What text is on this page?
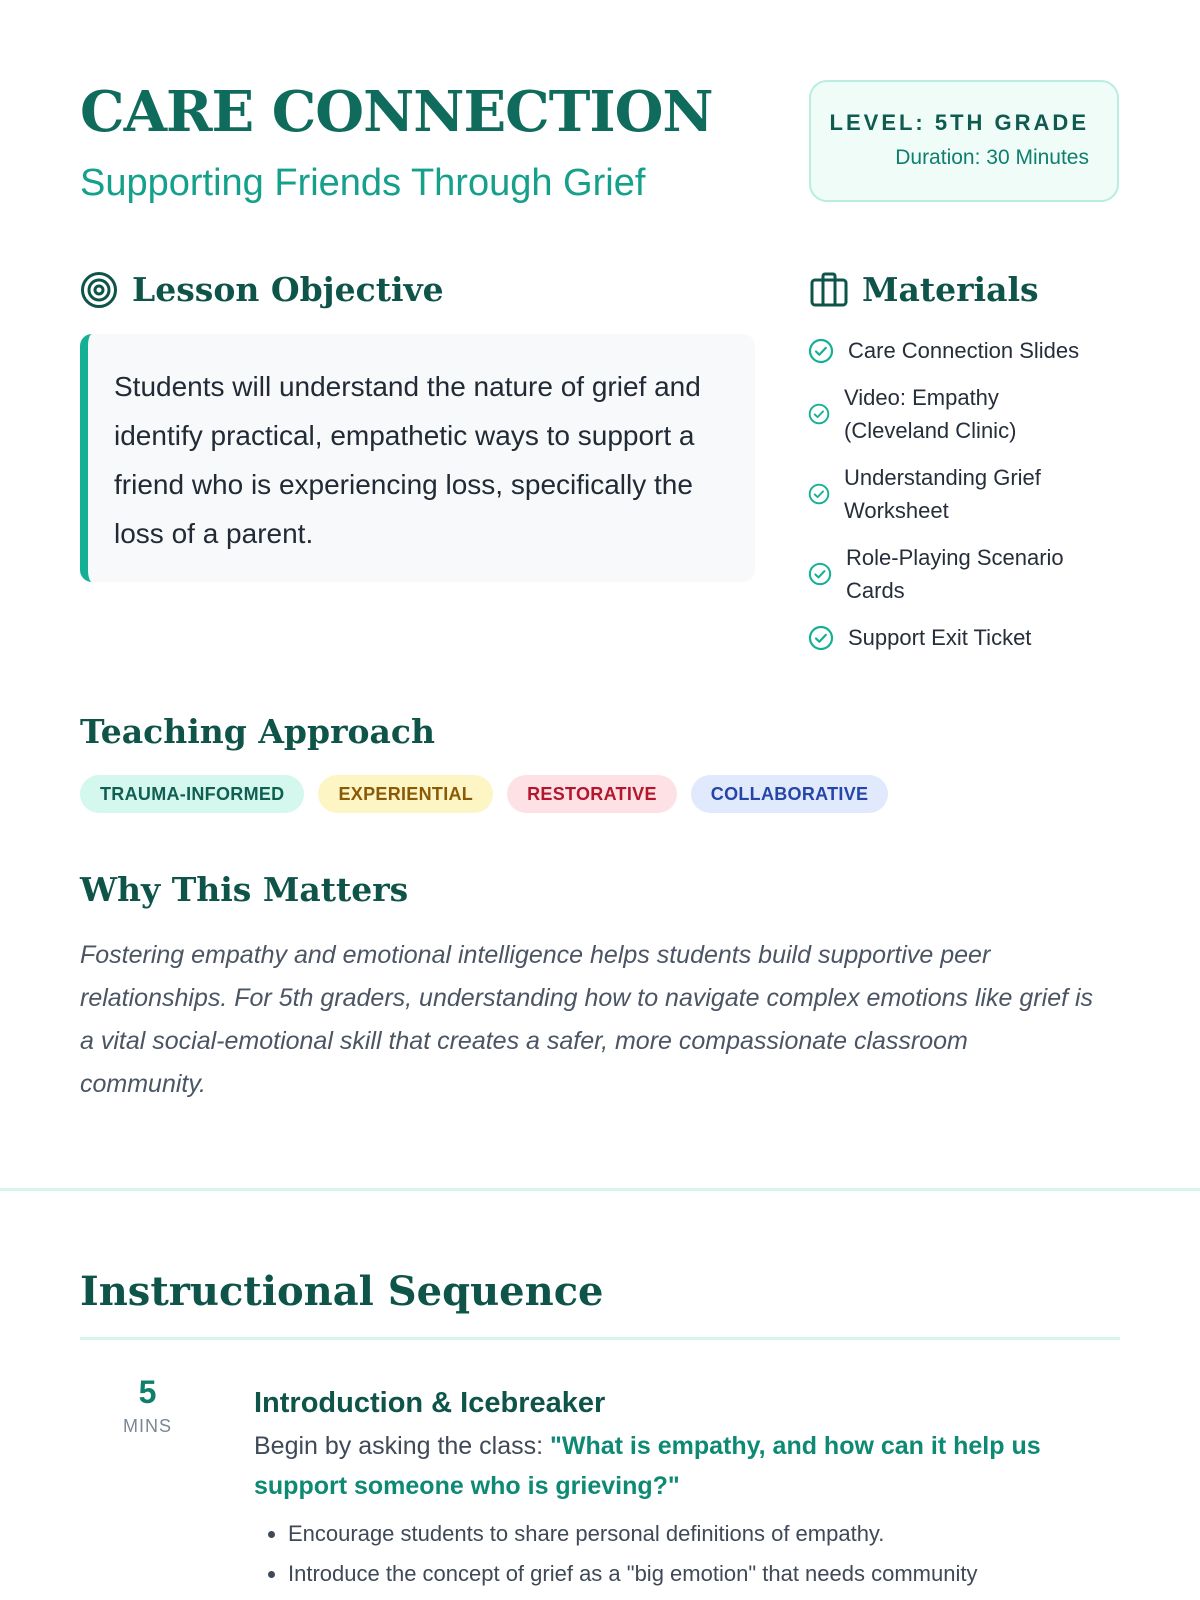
CARE CONNECTION

Supporting Friends Through Grief

LEVEL: 5TH GRADE
Duration: 30 Minutes
Lesson Objective

Students will understand the nature of grief and identify practical, empathetic ways to support a friend who is experiencing loss, specifically the loss of a parent.

Materials
Care Connection Slides
Video: Empathy (Cleveland Clinic)
Understanding Grief Worksheet
Role-Playing Scenario Cards
Support Exit Ticket
Teaching Approach
TRAUMA-INFORMED	EXPERIENTIAL	RESTORATIVE	COLLABORATIVE
Why This Matters

Fostering empathy and emotional intelligence helps students build supportive peer relationships. For 5th graders, understanding how to navigate complex emotions like grief is a vital social-emotional skill that creates a safer, more compassionate classroom community.

Instructional Sequence
5
MINS
Introduction & Icebreaker

Begin by asking the class: "What is empathy, and how can it help us support someone who is grieving?"

• Encourage students to share personal definitions of empathy.
• Introduce the concept of grief as a "big emotion" that needs community
